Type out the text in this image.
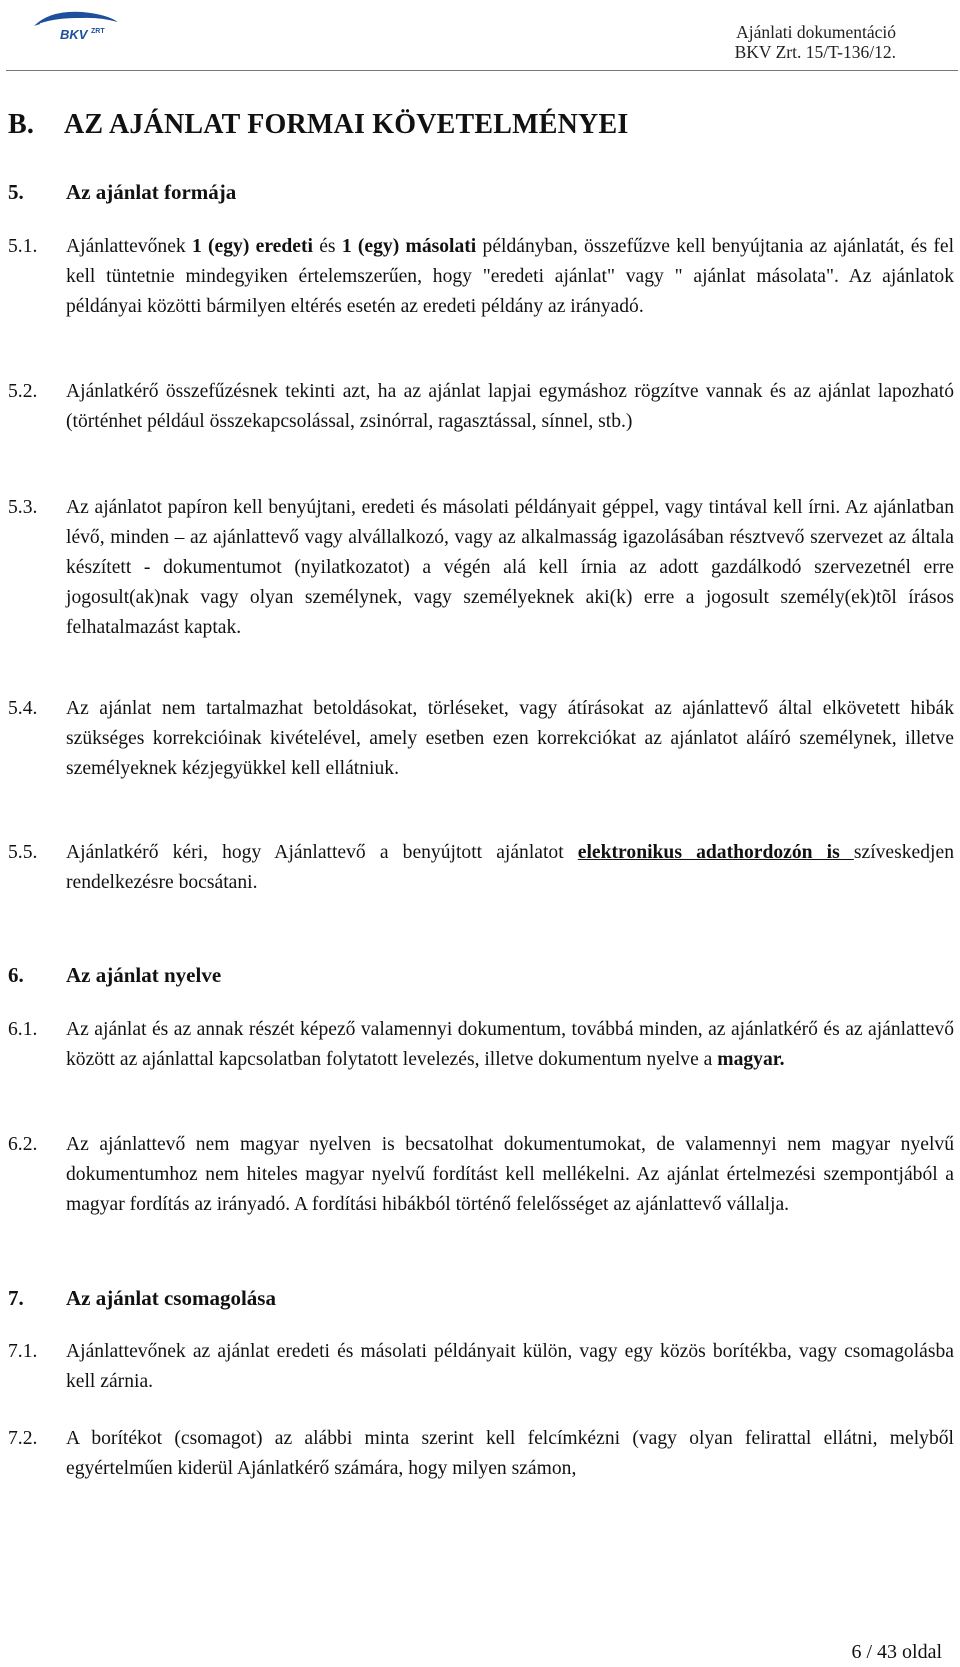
BKV ZRT	Ajánlati dokumentáció
BKV Zrt. 15/T-136/12.
B. AZ AJÁNLAT FORMAI KÖVETELMÉNYEI
5. Az ajánlat formája
5.1. Ajánlattevőnek 1 (egy) eredeti és 1 (egy) másolati példányban, összefűzve kell benyújtania az ajánlatát, és fel kell tüntetnie mindegyiken értelemszerűen, hogy "eredeti ajánlat" vagy " ajánlat másolata". Az ajánlatok példányai közötti bármilyen eltérés esetén az eredeti példány az irányadó.
5.2. Ajánlatkérő összefűzésnek tekinti azt, ha az ajánlat lapjai egymáshoz rögzítve vannak és az ajánlat lapozható (történhet például összekapcsolással, zsinórral, ragasztással, sínnel, stb.)
5.3. Az ajánlatot papíron kell benyújtani, eredeti és másolati példányait géppel, vagy tintával kell írni. Az ajánlatban lévő, minden – az ajánlattevő vagy alvállalkozó, vagy az alkalmasság igazolásában résztvevő szervezet az általa készített - dokumentumot (nyilatkozatot) a végén alá kell írnia az adott gazdálkodó szervezetnél erre jogosult(ak)nak vagy olyan személynek, vagy személyeknek aki(k) erre a jogosult személy(ek)tõl írásos felhatalmazást kaptak.
5.4. Az ajánlat nem tartalmazhat betoldásokat, törléseket, vagy átírásokat az ajánlattevő által elkövetett hibák szükséges korrekcióinak kivételével, amely esetben ezen korrekciókat az ajánlatot aláíró személynek, illetve személyeknek kézjegyükkel kell ellátniuk.
5.5. Ajánlatkérő kéri, hogy Ajánlattevő a benyújtott ajánlatot elektronikus adathordozón is szíveskedjen rendelkezésre bocsátani.
6. Az ajánlat nyelve
6.1. Az ajánlat és az annak részét képező valamennyi dokumentum, továbbá minden, az ajánlatkérő és az ajánlattevő között az ajánlattal kapcsolatban folytatott levelezés, illetve dokumentum nyelve a magyar.
6.2. Az ajánlattevő nem magyar nyelven is becsatolhat dokumentumokat, de valamennyi nem magyar nyelvű dokumentumhoz nem hiteles magyar nyelvű fordítást kell mellékelni. Az ajánlat értelmezési szempontjából a magyar fordítás az irányadó. A fordítási hibákból történő felelősséget az ajánlattevő vállalja.
7. Az ajánlat csomagolása
7.1. Ajánlattevőnek az ajánlat eredeti és másolati példányait külön, vagy egy közös borítékba, vagy csomagolásba kell zárnia.
7.2. A borítékot (csomagot) az alábbi minta szerint kell felcímkézni (vagy olyan felirattal ellátni, melyből egyértelműen kiderül Ajánlatkérő számára, hogy milyen számon,
6 / 43 oldal
